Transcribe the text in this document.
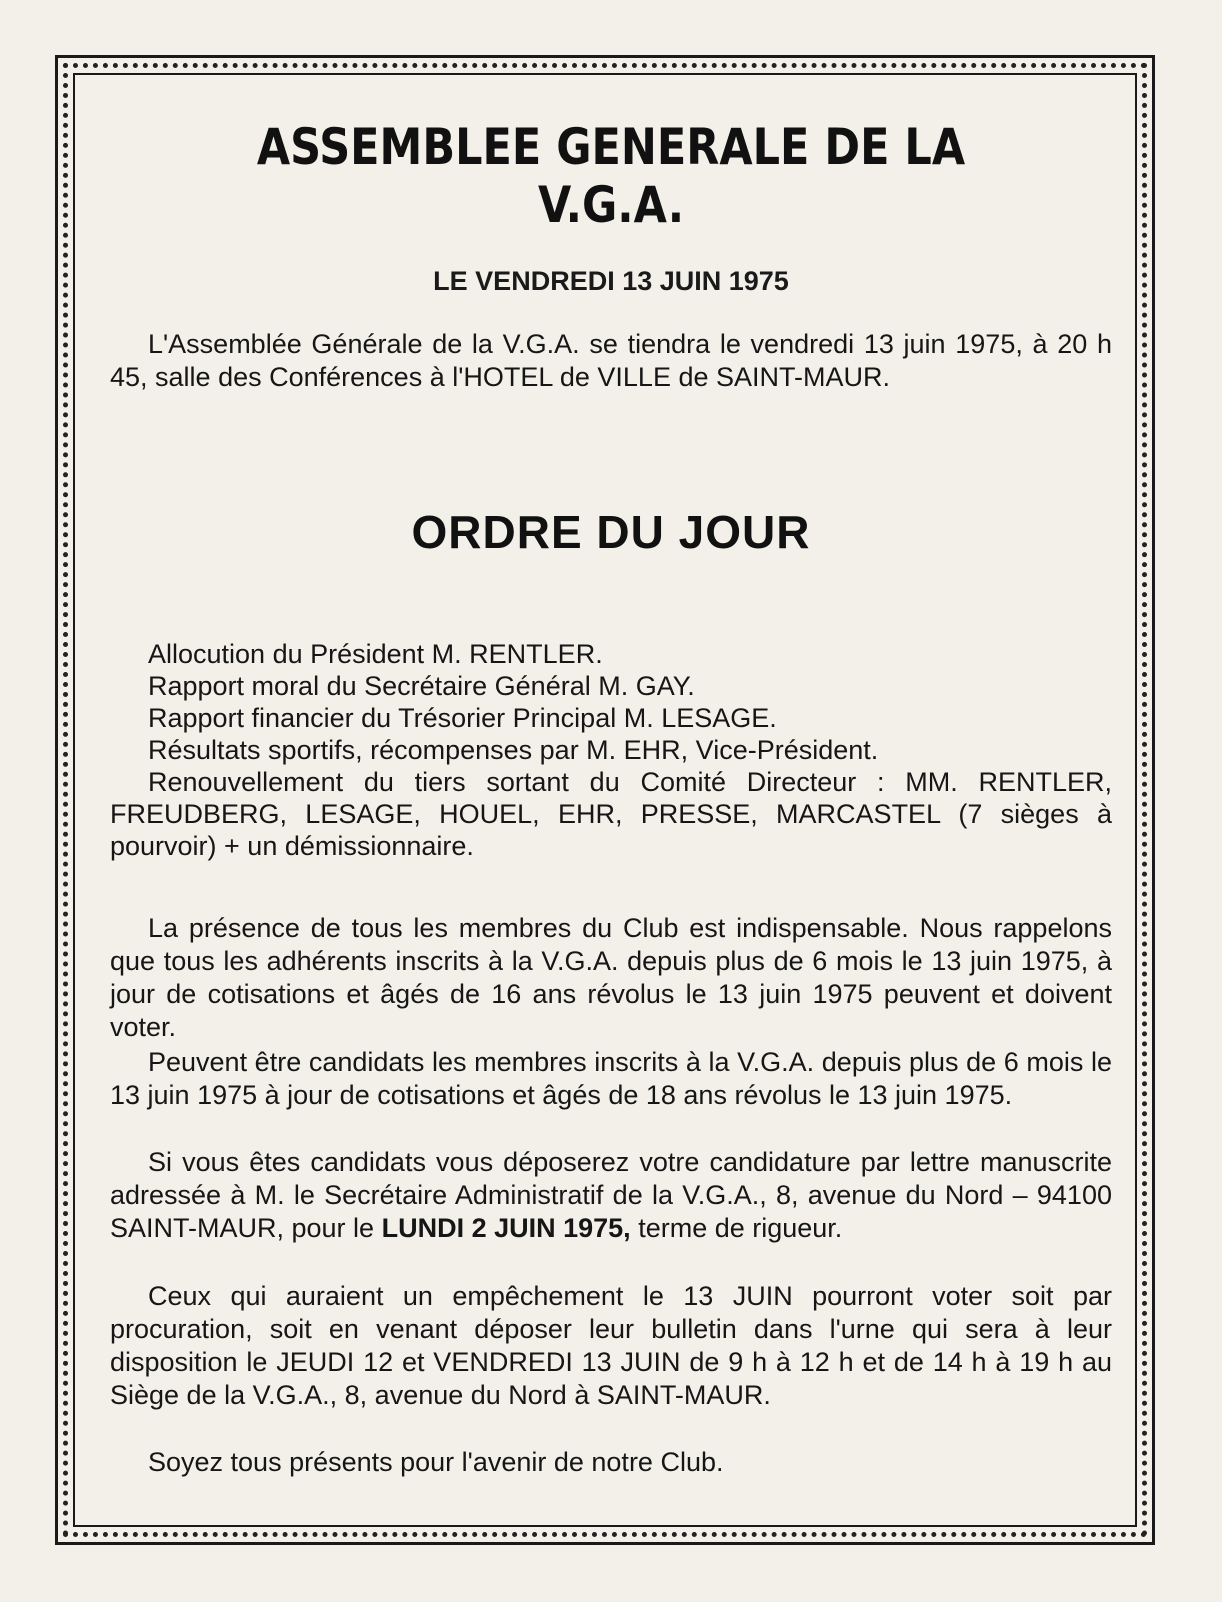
ASSEMBLEE GENERALE DE LA V.G.A.

LE VENDREDI 13 JUIN 1975

L'Assemblée Générale de la V.G.A. se tiendra le vendredi 13 juin 1975, à 20 h 45, salle des Conférences à l'HOTEL de VILLE de SAINT-MAUR.

ORDRE DU JOUR
Allocution du Président M. RENTLER.
Rapport moral du Secrétaire Général M. GAY.
Rapport financier du Trésorier Principal M. LESAGE.
Résultats sportifs, récompenses par M. EHR, Vice-Président.
Renouvellement du tiers sortant du Comité Directeur : MM. RENTLER, FREUDBERG, LESAGE, HOUEL, EHR, PRESSE, MARCASTEL (7 sièges à pourvoir) + un démissionnaire.

La présence de tous les membres du Club est indispensable. Nous rappelons que tous les adhérents inscrits à la V.G.A. depuis plus de 6 mois le 13 juin 1975, à jour de cotisations et âgés de 16 ans révolus le 13 juin 1975 peuvent et doivent voter.

Peuvent être candidats les membres inscrits à la V.G.A. depuis plus de 6 mois le 13 juin 1975 à jour de cotisations et âgés de 18 ans révolus le 13 juin 1975.

Si vous êtes candidats vous déposerez votre candidature par lettre manuscrite adressée à M. le Secrétaire Administratif de la V.G.A., 8, avenue du Nord – 94100 SAINT-MAUR, pour le LUNDI 2 JUIN 1975, terme de rigueur.

Ceux qui auraient un empêchement le 13 JUIN pourront voter soit par procuration, soit en venant déposer leur bulletin dans l'urne qui sera à leur disposition le JEUDI 12 et VENDREDI 13 JUIN de 9 h à 12 h et de 14 h à 19 h au Siège de la V.G.A., 8, avenue du Nord à SAINT-MAUR.

Soyez tous présents pour l'avenir de notre Club.
